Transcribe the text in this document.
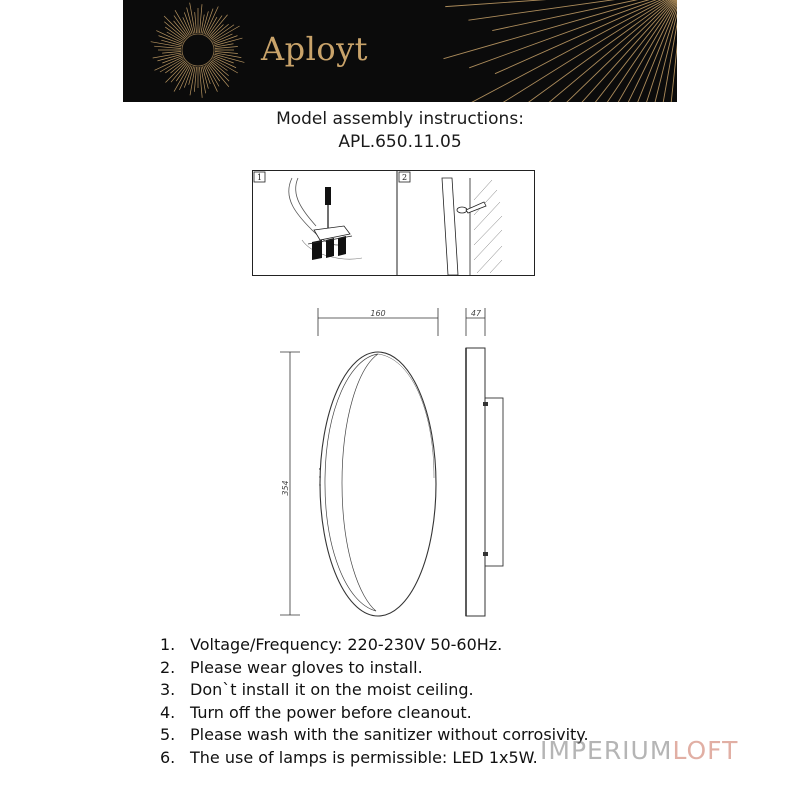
Aployt
Model assembly instructions:
APL.650.11.05
1	2
160	47
354
1. Voltage/Frequency: 220-230V 50-60Hz.
2. Please wear gloves to install.
3. Don`t install it on the moist ceiling.
4. Turn off the power before cleanout.
5. Please wash with the sanitizer without corrosivity.
6. The use of lamps is permissible: LED 1x5W. IMPERIUMLOFT
